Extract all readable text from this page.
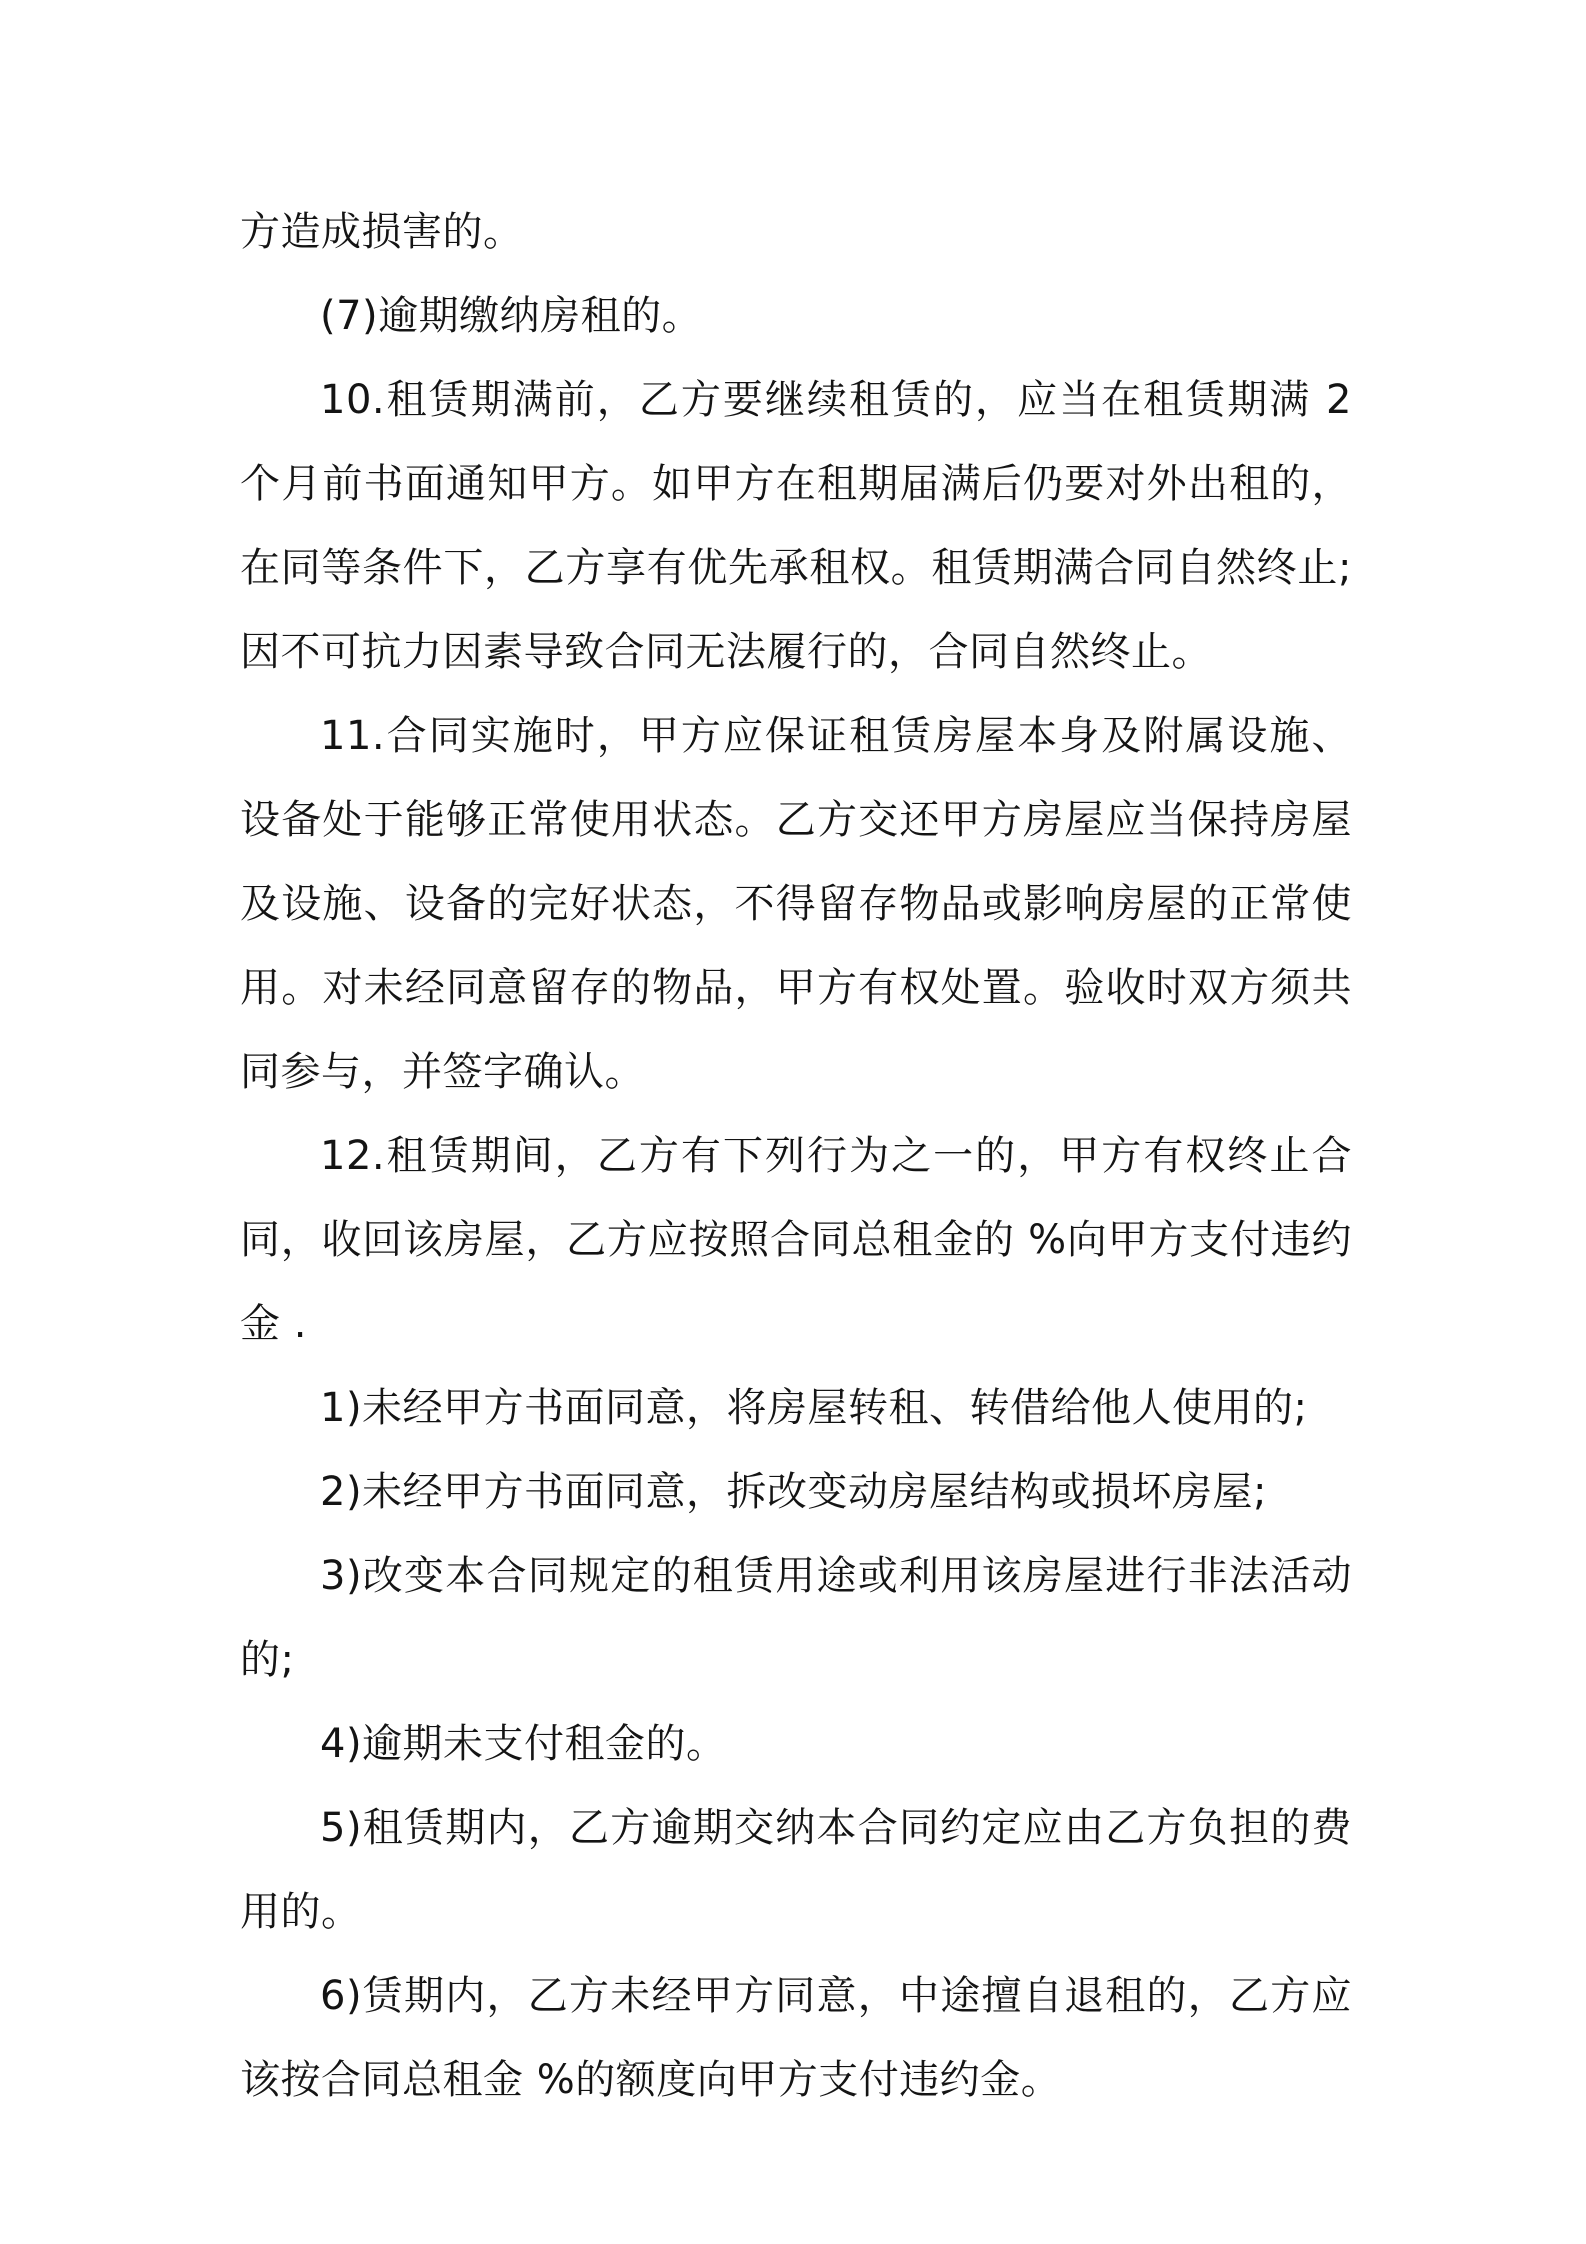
方造成损害的。

(7)逾期缴纳房租的。

10.租赁期满前，乙方要继续租赁的，应当在租赁期满 2 个月前书面通知甲方。如甲方在租期届满后仍要对外出租的，在同等条件下，乙方享有优先承租权。租赁期满合同自然终止;因不可抗力因素导致合同无法履行的，合同自然终止。

11.合同实施时，甲方应保证租赁房屋本身及附属设施、设备处于能够正常使用状态。乙方交还甲方房屋应当保持房屋及设施、设备的完好状态，不得留存物品或影响房屋的正常使用。对未经同意留存的物品，甲方有权处置。验收时双方须共同参与，并签字确认。

12.租赁期间，乙方有下列行为之一的，甲方有权终止合同，收回该房屋，乙方应按照合同总租金的 %向甲方支付违约金 .

1)未经甲方书面同意，将房屋转租、转借给他人使用的;

2)未经甲方书面同意，拆改变动房屋结构或损坏房屋;

3)改变本合同规定的租赁用途或利用该房屋进行非法活动的;

4)逾期未支付租金的。

5)租赁期内，乙方逾期交纳本合同约定应由乙方负担的费用的。

6)赁期内，乙方未经甲方同意，中途擅自退租的，乙方应该按合同总租金 %的额度向甲方支付违约金。
